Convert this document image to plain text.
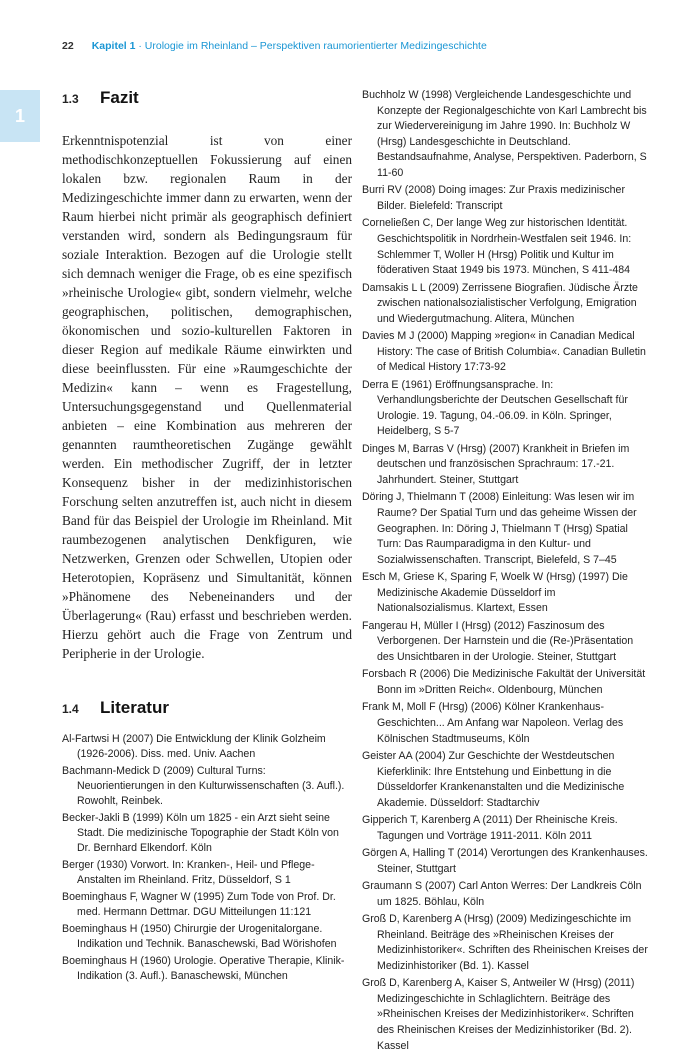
22 Kapitel 1 · Urologie im Rheinland – Perspektiven raumorientierter Medizingeschichte
1
1.3	Fazit

Erkenntnispotenzial ist von einer methodischkonzeptuellen Fokussierung auf einen lokalen bzw. regionalen Raum in der Medizingeschichte immer dann zu erwarten, wenn der Raum hierbei nicht primär als geographisch definiert verstanden wird, sondern als Bedingungsraum für soziale Interaktion. Bezogen auf die Urologie stellt sich demnach weniger die Frage, ob es eine spezifisch »rheinische Urologie« gibt, sondern vielmehr, welche geographischen, politischen, demographischen, ökonomischen und sozio-kulturellen Faktoren in dieser Region auf medikale Räume einwirkten und diese beeinflussten. Für eine »Raumgeschichte der Medizin« kann – wenn es Fragestellung, Untersuchungsgegenstand und Quellenmaterial anbieten – eine Kombination aus mehreren der genannten raumtheoretischen Zugänge gewählt werden. Ein methodischer Zugriff, der in letzter Konsequenz bisher in der medizinhistorischen Forschung selten anzutreffen ist, auch nicht in diesem Band für das Beispiel der Urologie im Rheinland. Mit raumbezogenen analytischen Denkfiguren, wie Netzwerken, Grenzen oder Schwellen, Utopien oder Heterotopien, Kopräsenz und Simultanität, können »Phänomene des Nebeneinanders und der Überlagerung« (Rau) erfasst und beschrieben werden. Hierzu gehört auch die Frage von Zentrum und Peripherie in der Urologie.

1.4	Literatur

Al-Fartwsi H (2007) Die Entwicklung der Klinik Golzheim (1926-2006). Diss. med. Univ. Aachen

Bachmann-Medick D (2009) Cultural Turns: Neuorientierungen in den Kulturwissenschaften (3. Aufl.). Rowohlt, Reinbek.

Becker-Jakli B (1999) Köln um 1825 - ein Arzt sieht seine Stadt. Die medizinische Topographie der Stadt Köln von Dr. Bernhard Elkendorf. Köln

Berger (1930) Vorwort. In: Kranken-, Heil- und Pflege-Anstalten im Rheinland. Fritz, Düsseldorf, S 1

Boeminghaus F, Wagner W (1995) Zum Tode von Prof. Dr. med. Hermann Dettmar. DGU Mitteilungen 11:121

Boeminghaus H (1950) Chirurgie der Urogenitalorgane. Indikation und Technik. Banaschewski, Bad Wörishofen

Boeminghaus H (1960) Urologie. Operative Therapie, Klinik-Indikation (3. Aufl.). Banaschewski, München

Buchholz W (1998) Vergleichende Landesgeschichte und Konzepte der Regionalgeschichte von Karl Lambrecht bis zur Wiedervereinigung im Jahre 1990. In: Buchholz W (Hrsg) Landesgeschichte in Deutschland. Bestandsaufnahme, Analyse, Perspektiven. Paderborn, S 11-60

Burri RV (2008) Doing images: Zur Praxis medizinischer Bilder. Bielefeld: Transcript

Corneließen C, Der lange Weg zur historischen Identität. Geschichtspolitik in Nordrhein-Westfalen seit 1946. In: Schlemmer T, Woller H (Hrsg) Politik und Kultur im föderativen Staat 1949 bis 1973. München, S 411-484

Damsakis L L (2009) Zerrissene Biografien. Jüdische Ärzte zwischen nationalsozialistischer Verfolgung, Emigration und Wiedergutmachung. Alitera, München

Davies M J (2000) Mapping »region« in Canadian Medical History: The case of British Columbia«. Canadian Bulletin of Medical History 17:73-92

Derra E (1961) Eröffnungsansprache. In: Verhandlungsberichte der Deutschen Gesellschaft für Urologie. 19. Tagung, 04.-06.09. in Köln. Springer, Heidelberg, S 5-7

Dinges M, Barras V (Hrsg) (2007) Krankheit in Briefen im deutschen und französischen Sprachraum: 17.-21. Jahrhundert. Steiner, Stuttgart

Döring J, Thielmann T (2008) Einleitung: Was lesen wir im Raume? Der Spatial Turn und das geheime Wissen der Geographen. In: Döring J, Thielmann T (Hrsg) Spatial Turn: Das Raumparadigma in den Kultur- und Sozialwissenschaften. Transcript, Bielefeld, S 7–45

Esch M, Griese K, Sparing F, Woelk W (Hrsg) (1997) Die Medizinische Akademie Düsseldorf im Nationalsozialismus. Klartext, Essen

Fangerau H, Müller I (Hrsg) (2012) Faszinosum des Verborgenen. Der Harnstein und die (Re-)Präsentation des Unsichtbaren in der Urologie. Steiner, Stuttgart

Forsbach R (2006) Die Medizinische Fakultät der Universität Bonn im »Dritten Reich«. Oldenbourg, München

Frank M, Moll F (Hrsg) (2006) Kölner Krankenhaus-Geschichten... Am Anfang war Napoleon. Verlag des Kölnischen Stadtmuseums, Köln

Geister AA (2004) Zur Geschichte der Westdeutschen Kieferklinik: Ihre Entstehung und Einbettung in die Düsseldorfer Krankenanstalten und die Medizinische Akademie. Düsseldorf: Stadtarchiv

Gipperich T, Karenberg A (2011) Der Rheinische Kreis. Tagungen und Vorträge 1911-2011. Köln 2011

Görgen A, Halling T (2014) Verortungen des Krankenhauses. Steiner, Stuttgart

Graumann S (2007) Carl Anton Werres: Der Landkreis Cöln um 1825. Böhlau, Köln

Groß D, Karenberg A (Hrsg) (2009) Medizingeschichte im Rheinland. Beiträge des »Rheinischen Kreises der Medizinhistoriker«. Schriften des Rheinischen Kreises der Medizinhistoriker (Bd. 1). Kassel

Groß D, Karenberg A, Kaiser S, Antweiler W (Hrsg) (2011) Medizingeschichte in Schlaglichtern. Beiträge des »Rheinischen Kreises der Medizinhistoriker«. Schriften des Rheinischen Kreises der Medizinhistoriker (Bd. 2). Kassel
